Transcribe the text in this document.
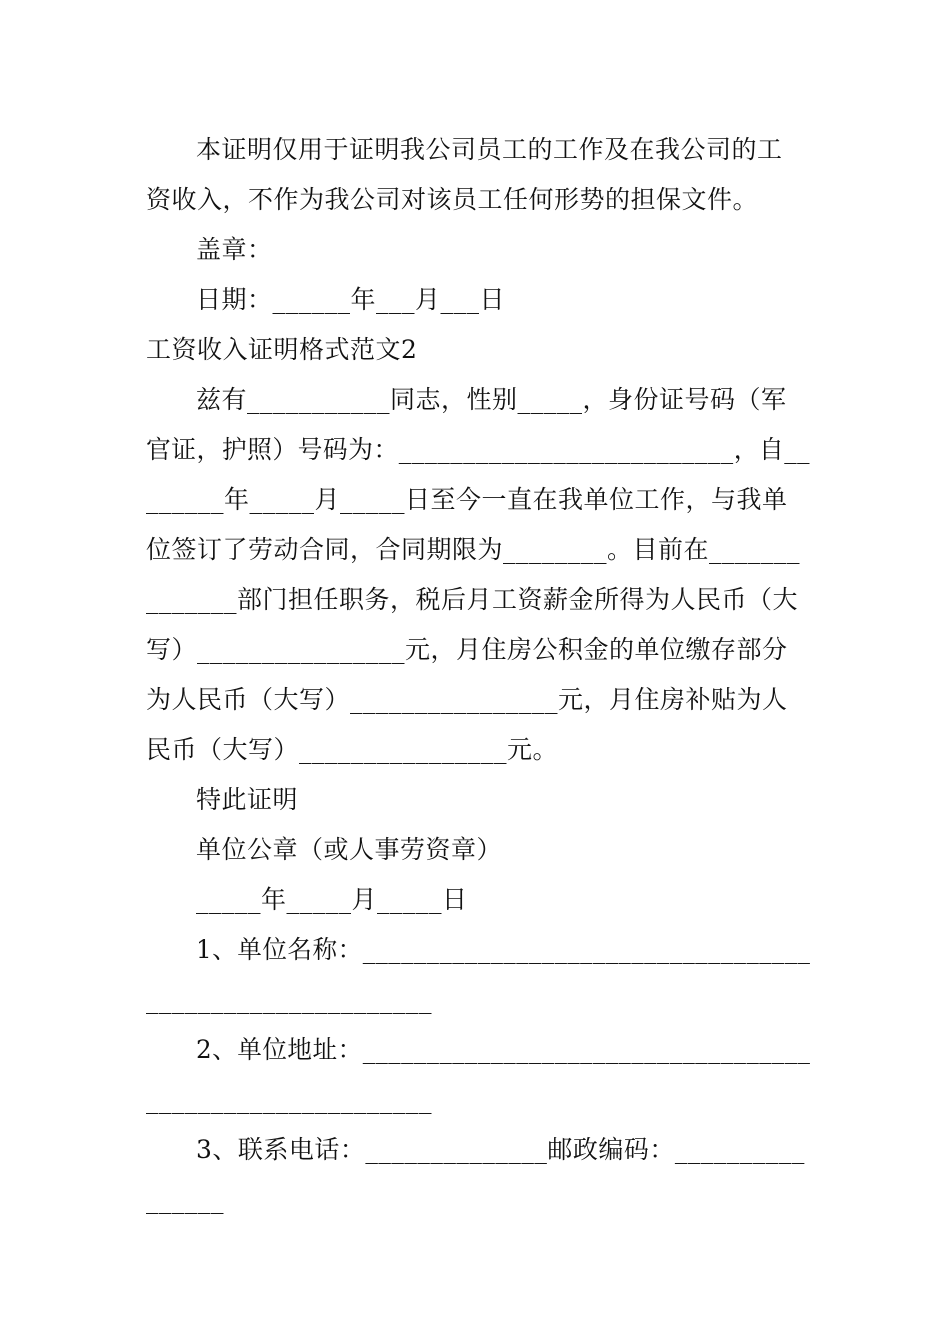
本证明仅用于证明我公司员工的工作及在我公司的工
资收入，不作为我公司对该员工任何形势的担保文件。
盖章：
日期：______年___月___日
工资收入证明格式范文2
兹有___________同志，性别_____，身份证号码（军
官证，护照）号码为：__________________________，自__
______年_____月_____日至今一直在我单位工作，与我单
位签订了劳动合同，合同期限为________。目前在_______
_______部门担任职务，税后月工资薪金所得为人民币（大
写）________________元，月住房公积金的单位缴存部分
为人民币（大写）________________元，月住房补贴为人
民币（大写）________________元。
特此证明
单位公章（或人事劳资章）
_____年_____月_____日
1、单位名称：___________________________________
______________________
2、单位地址：___________________________________
______________________
3、联系电话：______________邮政编码：__________
______
